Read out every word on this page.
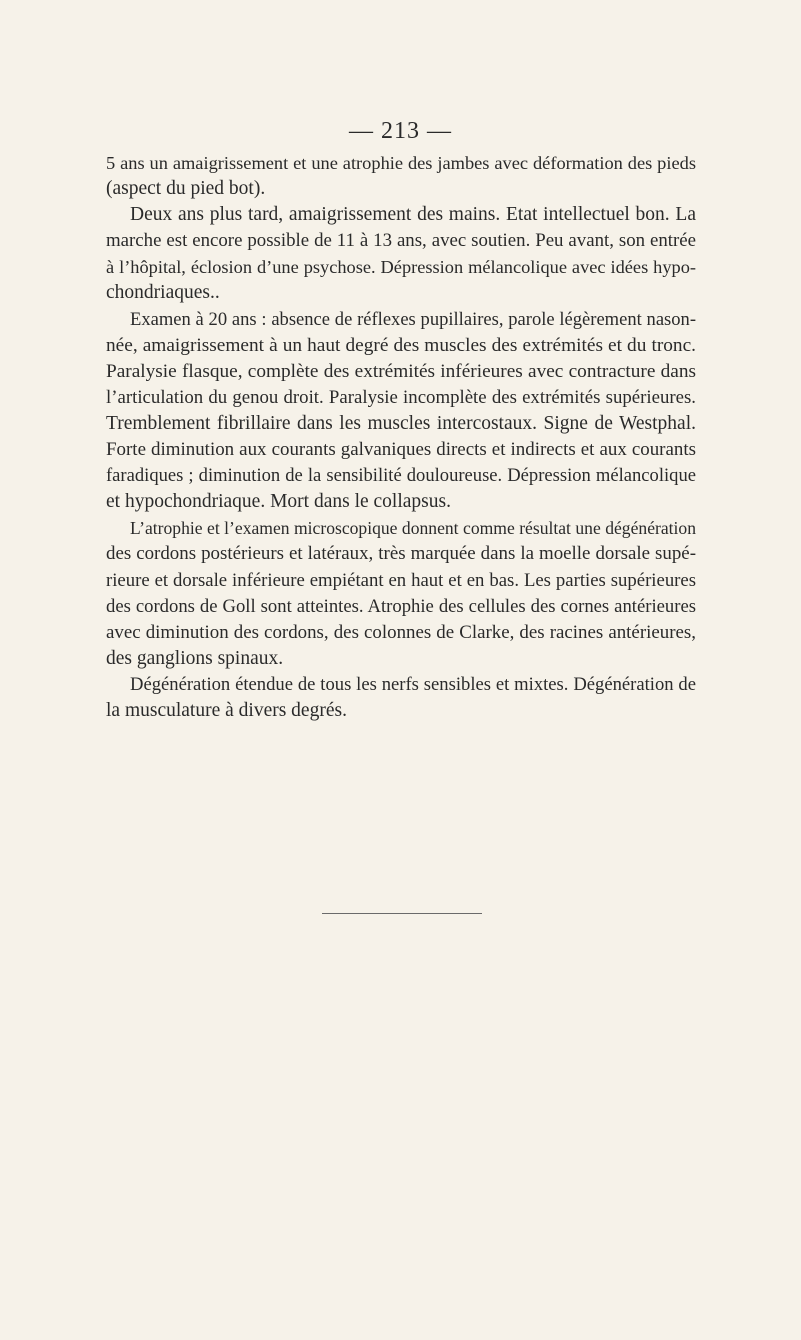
— 213 —
5 ans un amaigrissement et une atrophie des jambes avec déformation des pieds
(aspect du pied bot).
Deux ans plus tard, amaigrissement des mains. Etat intellectuel bon. La
marche est encore possible de 11 à 13 ans, avec soutien. Peu avant, son entrée
à l’hôpital, éclosion d’une psychose. Dépression mélancolique avec idées hypo-
chondriaques..
Examen à 20 ans : absence de réflexes pupillaires, parole légèrement nason-
née, amaigrissement à un haut degré des muscles des extrémités et du tronc.
Paralysie flasque, complète des extrémités inférieures avec contracture dans
l’articulation du genou droit. Paralysie incomplète des extrémités supérieures.
Tremblement fibrillaire dans les muscles intercostaux. Signe de Westphal.
Forte diminution aux courants galvaniques directs et indirects et aux courants
faradiques ; diminution de la sensibilité douloureuse. Dépression mélancolique
et hypochondriaque. Mort dans le collapsus.
L’atrophie et l’examen microscopique donnent comme résultat une dégénération
des cordons postérieurs et latéraux, très marquée dans la moelle dorsale supé-
rieure et dorsale inférieure empiétant en haut et en bas. Les parties supérieures
des cordons de Goll sont atteintes. Atrophie des cellules des cornes antérieures
avec diminution des cordons, des colonnes de Clarke, des racines antérieures,
des ganglions spinaux.
Dégénération étendue de tous les nerfs sensibles et mixtes. Dégénération de
la musculature à divers degrés.
